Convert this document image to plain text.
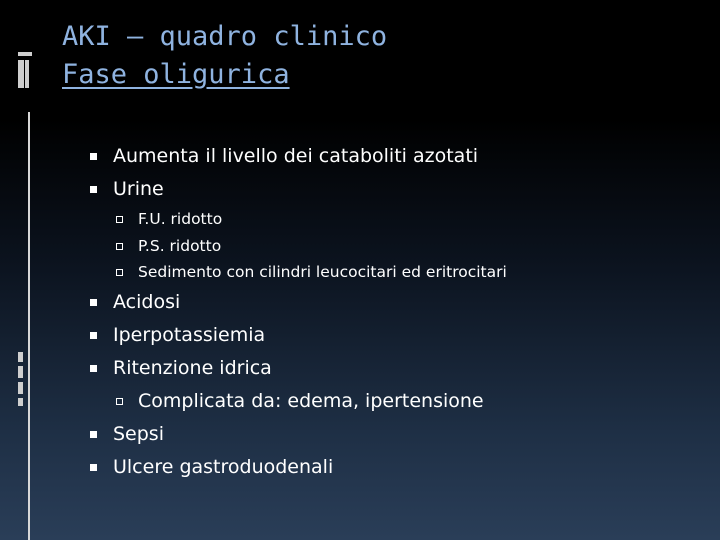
AKI – quadro clinico
Fase oligurica
Aumenta il livello dei cataboliti azotati
Urine
F.U. ridotto
P.S. ridotto
Sedimento con cilindri leucocitari ed eritrocitari
Acidosi
Iperpotassiemia
Ritenzione idrica
Complicata da: edema, ipertensione
Sepsi
Ulcere gastroduodenali
